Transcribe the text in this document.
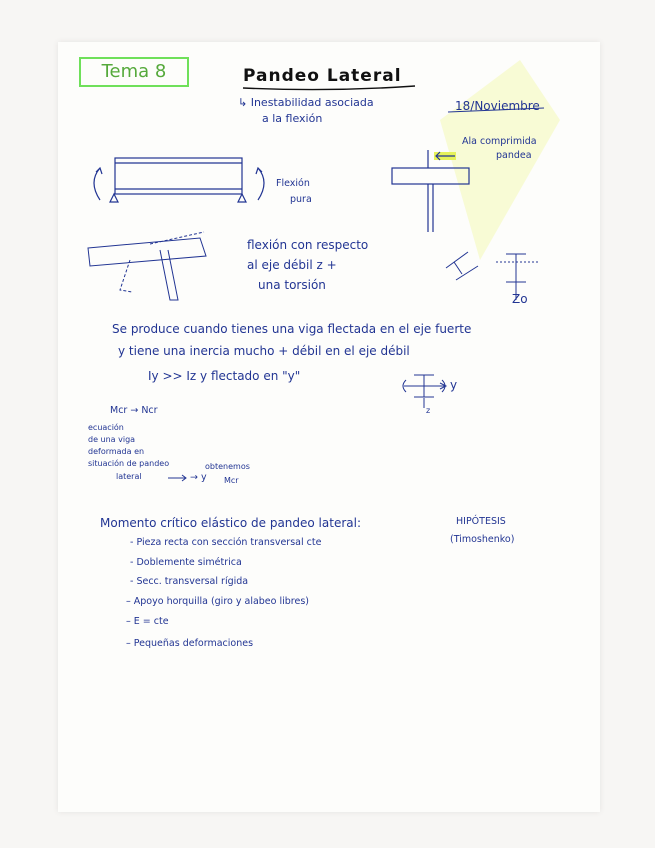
Tema 8	Pandeo Lateral
18/Noviembre
↳ Inestabilidad asociada
a la flexión
Ala comprimida
pandea
Flexión
pura
flexión con respecto
al eje débil z +
una torsión
Zo
Se produce cuando tienes una viga flectada en el eje fuerte
y tiene una inercia mucho + débil en el eje débil
Iy >> Iz y flectado en "y"
y
z
Mcr → Ncr
ecuación
de una viga
deformada en
situación de pandeo
lateral	→ y
obtenemos
Mcr
Momento crítico elástico de pandeo lateral:	HIPÓTESIS
(Timoshenko)
- Pieza recta con sección transversal cte
- Doblemente simétrica
- Secc. transversal rígida
– Apoyo horquilla (giro y alabeo libres)
– E = cte
– Pequeñas deformaciones
